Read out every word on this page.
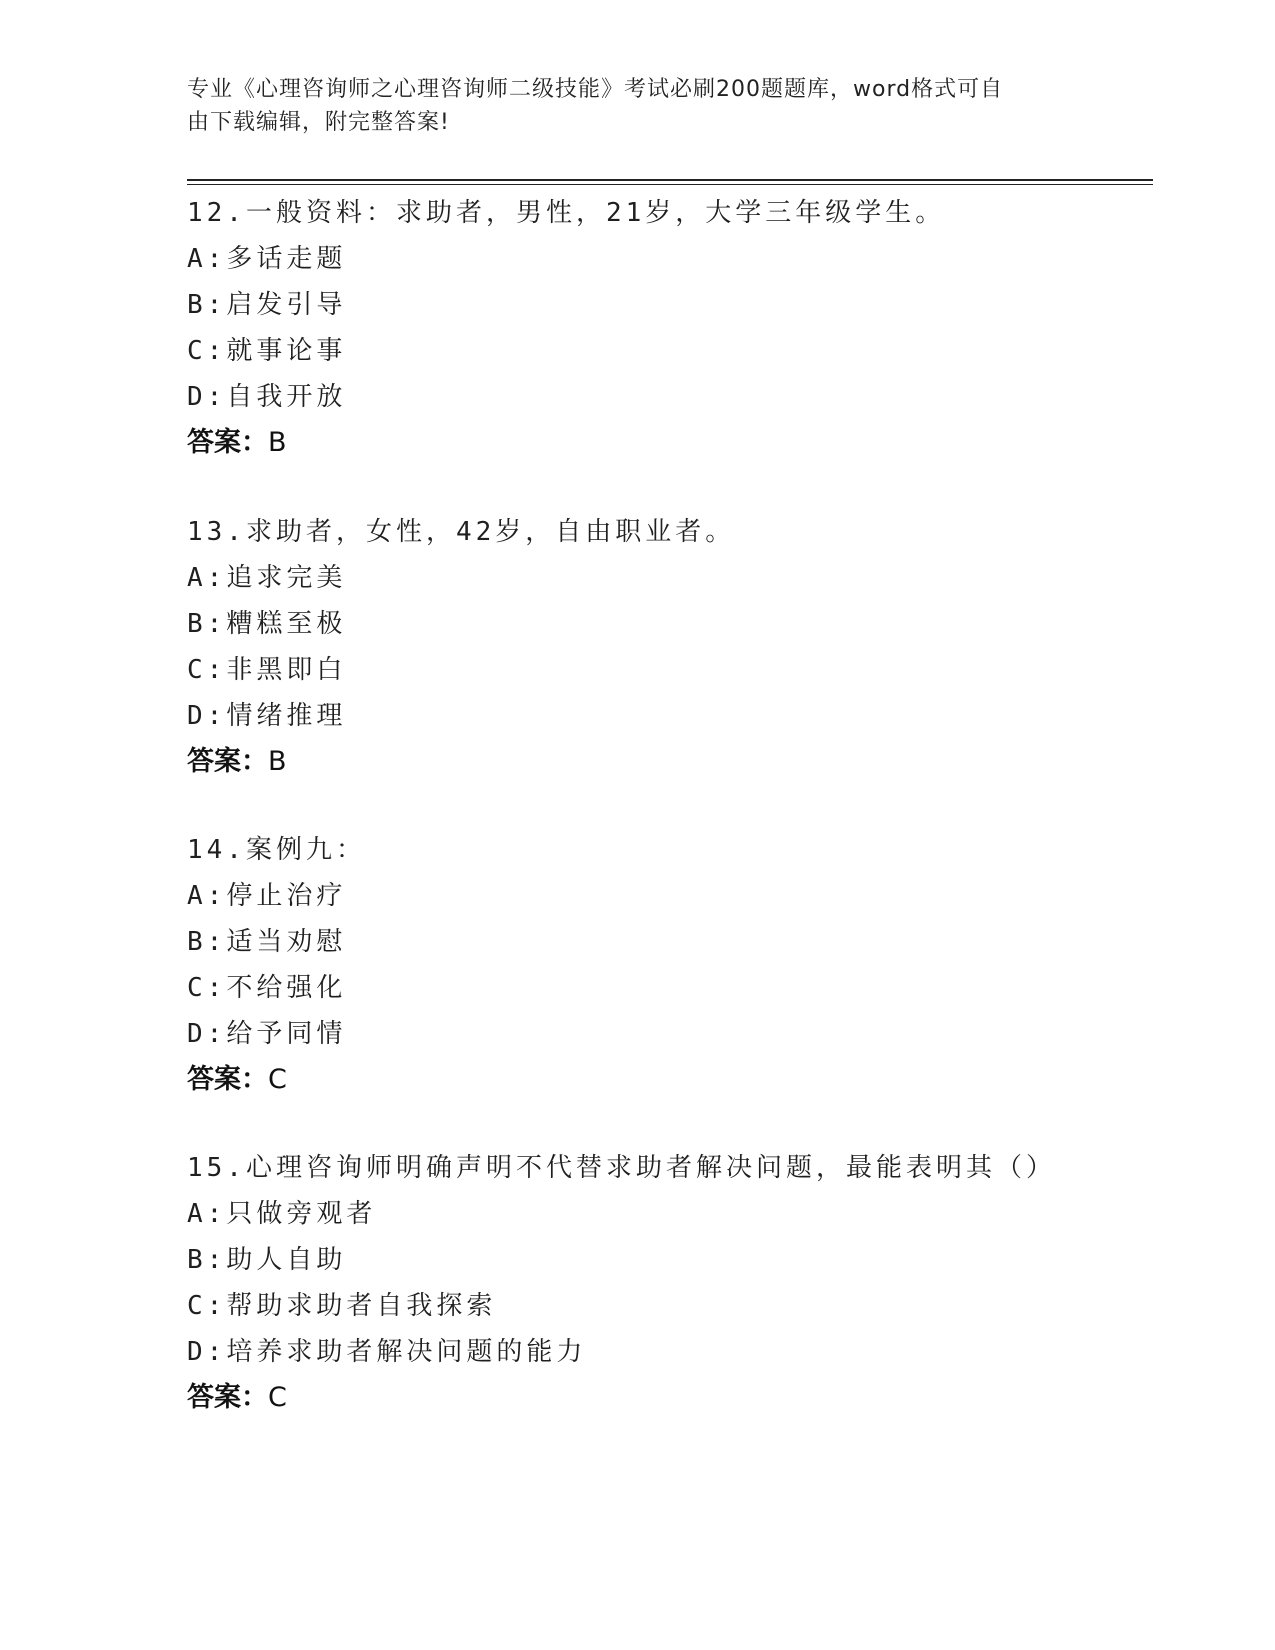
专业《心理咨询师之心理咨询师二级技能》考试必刷200题题库，word格式可自
由下载编辑，附完整答案!
12.一般资料：求助者，男性，21岁，大学三年级学生。
A:多话走题
B:启发引导
C:就事论事
D:自我开放
答案：B
13.求助者，女性，42岁，自由职业者。
A:追求完美
B:糟糕至极
C:非黑即白
D:情绪推理
答案：B
14.案例九：
A:停止治疗
B:适当劝慰
C:不给强化
D:给予同情
答案：C
15.心理咨询师明确声明不代替求助者解决问题，最能表明其（）
A:只做旁观者
B:助人自助
C:帮助求助者自我探索
D:培养求助者解决问题的能力
答案：C
